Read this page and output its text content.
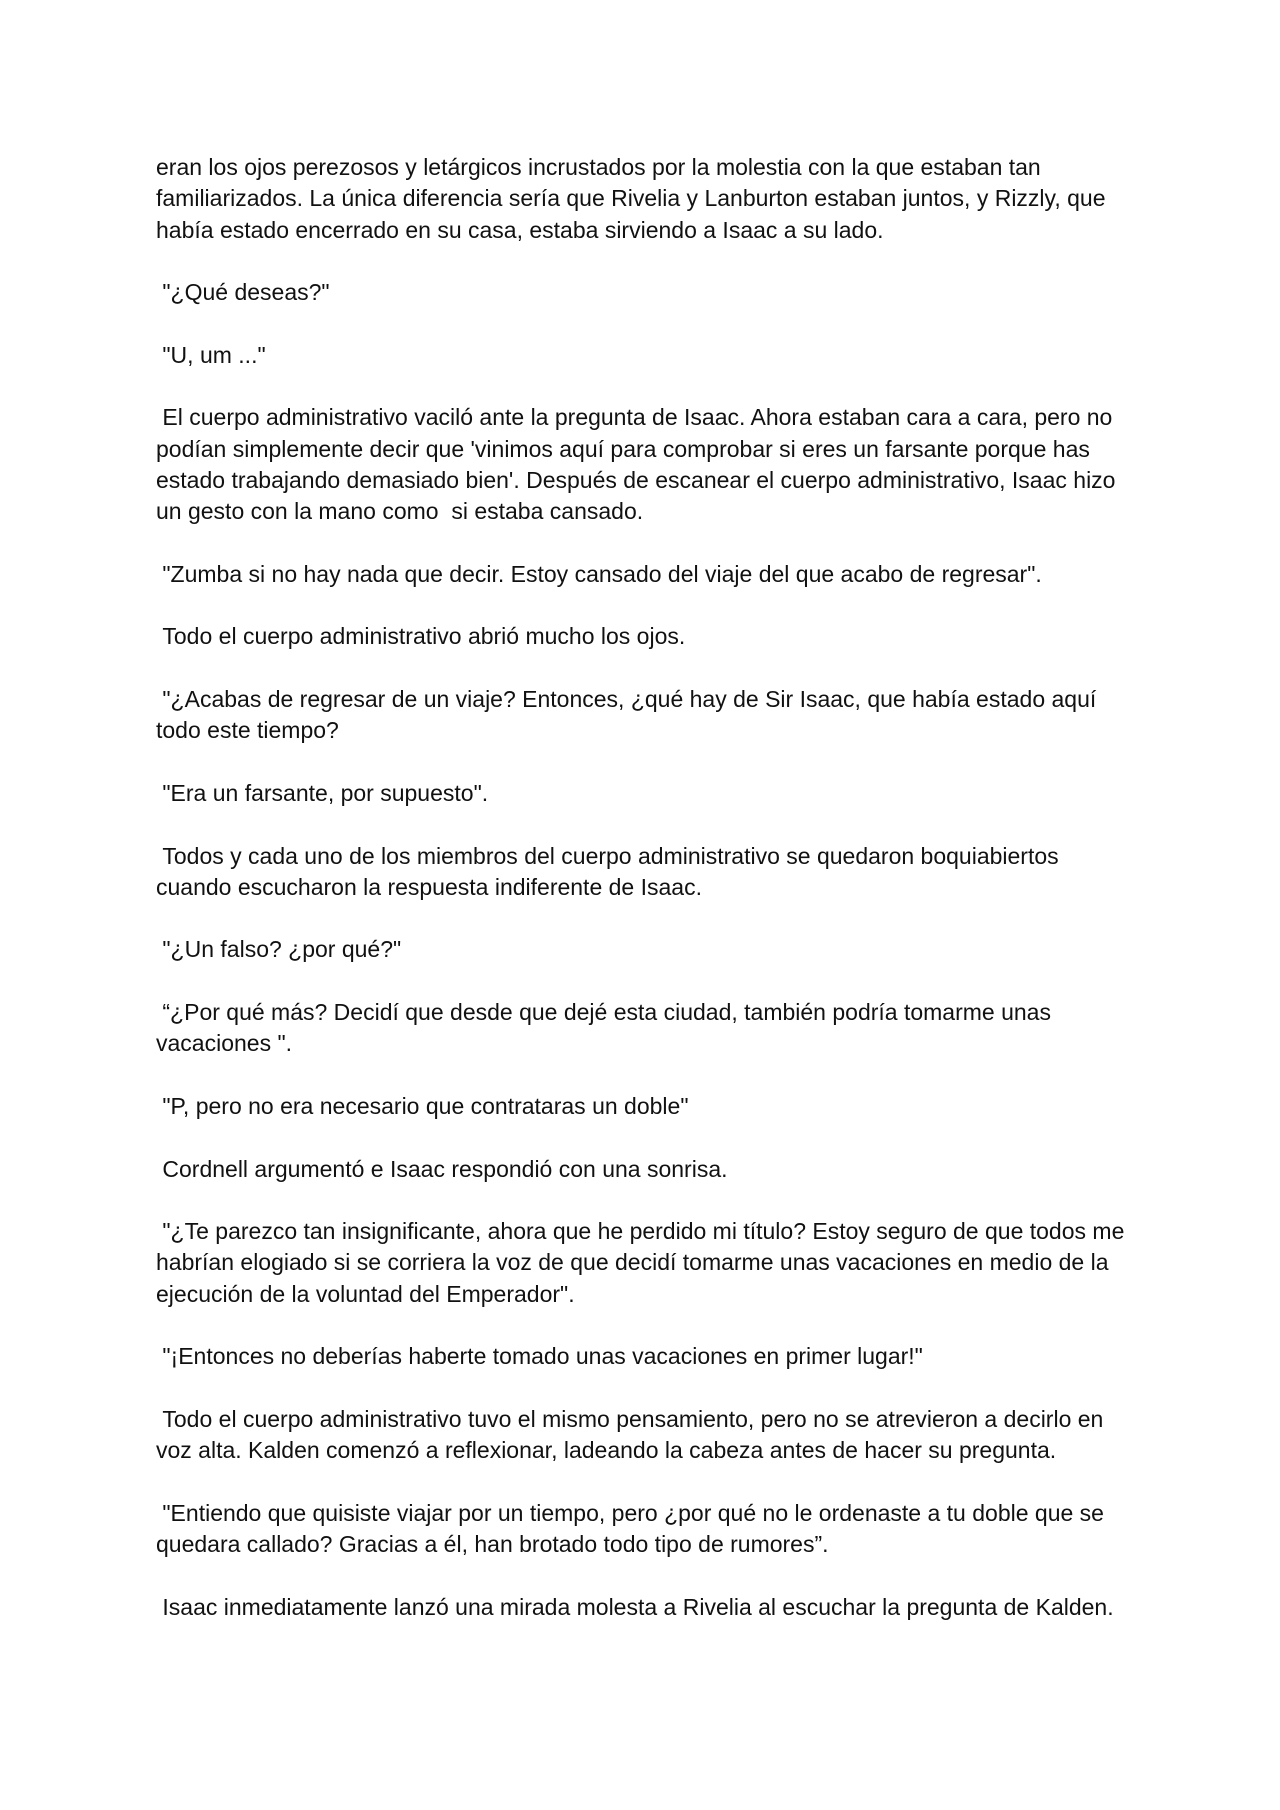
eran los ojos perezosos y letárgicos incrustados por la molestia con la que estaban tan familiarizados. La única diferencia sería que Rivelia y Lanburton estaban juntos, y Rizzly, que había estado encerrado en su casa, estaba sirviendo a Isaac a su lado.

"¿Qué deseas?"

"U, um ..."

El cuerpo administrativo vaciló ante la pregunta de Isaac. Ahora estaban cara a cara, pero no podían simplemente decir que 'vinimos aquí para comprobar si eres un farsante porque has estado trabajando demasiado bien'. Después de escanear el cuerpo administrativo, Isaac hizo un gesto con la mano como  si estaba cansado.

"Zumba si no hay nada que decir. Estoy cansado del viaje del que acabo de regresar".

Todo el cuerpo administrativo abrió mucho los ojos.

"¿Acabas de regresar de un viaje? Entonces, ¿qué hay de Sir Isaac, que había estado aquí todo este tiempo?

"Era un farsante, por supuesto".

Todos y cada uno de los miembros del cuerpo administrativo se quedaron boquiabiertos cuando escucharon la respuesta indiferente de Isaac.

"¿Un falso? ¿por qué?"

“¿Por qué más? Decidí que desde que dejé esta ciudad, también podría tomarme unas vacaciones ".

"P, pero no era necesario que contrataras un doble"

Cordnell argumentó e Isaac respondió con una sonrisa.

"¿Te parezco tan insignificante, ahora que he perdido mi título? Estoy seguro de que todos me habrían elogiado si se corriera la voz de que decidí tomarme unas vacaciones en medio de la ejecución de la voluntad del Emperador".

"¡Entonces no deberías haberte tomado unas vacaciones en primer lugar!"

Todo el cuerpo administrativo tuvo el mismo pensamiento, pero no se atrevieron a decirlo en voz alta. Kalden comenzó a reflexionar, ladeando la cabeza antes de hacer su pregunta.

"Entiendo que quisiste viajar por un tiempo, pero ¿por qué no le ordenaste a tu doble que se quedara callado? Gracias a él, han brotado todo tipo de rumores”.

Isaac inmediatamente lanzó una mirada molesta a Rivelia al escuchar la pregunta de Kalden.
